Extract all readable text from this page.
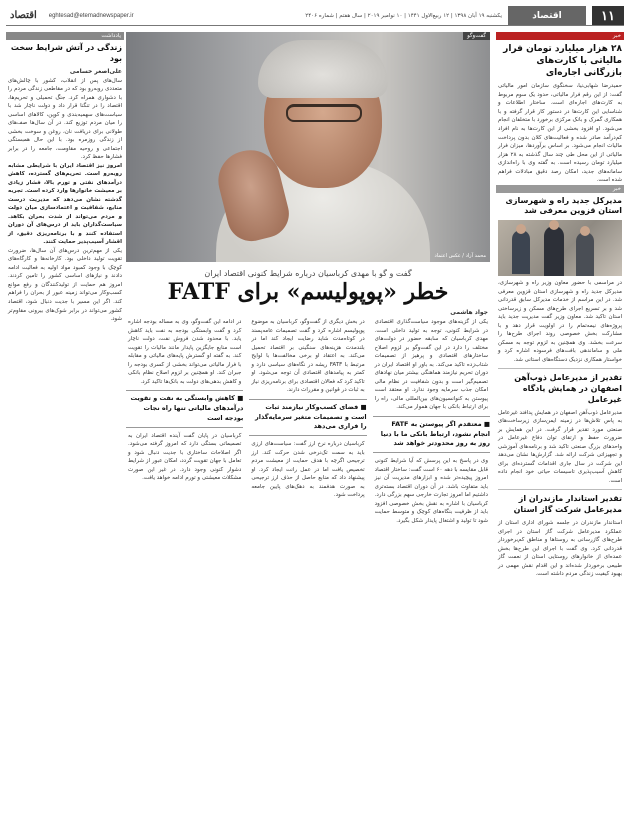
۱۱
اقتصاد
یکشنبه ۱۹ آبان ۱۳۹۸ | ۱۲ ربیع‌الاول ۱۴۴۱ | ۱۰ نوامبر ۲۰۱۹ | سال هفتم | شماره ۲۴۰۶
eghtesad@etemadnewspaper.ir
اقتصاد
خبر
۲۸ هزار میلیارد تومان فرار مالیاتی با کارت‌های بازرگانی اجاره‌ای
حمیدرضا شهابی‌نیا، سخنگوی سازمان امور مالیاتی گفت: از این رقم فرار مالیاتی، حدود یک سوم مربوط به کارت‌های اجاره‌ای است. ساختار اطلاعات و شناسایی این کارت‌ها در دستور کار قرار گرفته و با همکاری گمرک و بانک مرکزی برخورد با متخلفان انجام می‌شود. او افزود بخشی از این کارت‌ها به نام افراد کم‌درآمد صادر شده و فعالیت‌های کلان بدون پرداخت مالیات انجام می‌شود. بر اساس برآوردها، میزان فرار مالیاتی از این محل طی چند سال گذشته به ۲۸ هزار میلیارد تومان رسیده است. به گفته وی با راه‌اندازی سامانه‌های جدید، امکان رصد دقیق مبادلات فراهم شده است.
خبر
مدیرکل جدید راه و شهرسازی استان قزوین معرفی شد
در مراسمی با حضور معاون وزیر راه و شهرسازی، مدیرکل جدید راه و شهرسازی استان قزوین معرفی شد. در این مراسم از خدمات مدیرکل سابق قدردانی شد و بر تسریع اجرای طرح‌های مسکن و زیرساختی استان تاکید شد. معاون وزیر گفت مدیریت جدید باید پروژه‌های نیمه‌تمام را در اولویت قرار دهد و با مشارکت بخش خصوصی روند اجرای طرح‌ها را سرعت بخشد. وی همچنین به لزوم توجه به مسکن ملی و ساماندهی بافت‌های فرسوده اشاره کرد و خواستار همکاری نزدیک دستگاه‌های استانی شد.
تقدیر از مدیرعامل ذوب‌آهن اصفهان در همایش یادگاه غیرعامل
مدیرعامل ذوب‌آهن اصفهان در همایش پدافند غیرعامل به پاس تلاش‌ها در زمینه ایمن‌سازی زیرساخت‌های صنعتی مورد تقدیر قرار گرفت. در این همایش بر ضرورت حفظ و ارتقای توان دفاع غیرعامل در واحدهای بزرگ صنعتی تاکید شد و برنامه‌های آموزشی و تجهیزاتی شرکت ارائه شد. گزارش‌ها نشان می‌دهد این شرکت در سال جاری اقدامات گسترده‌ای برای کاهش آسیب‌پذیری تاسیسات حیاتی خود انجام داده است.
تقدیر استاندار مازندران از مدیرعامل شرکت گاز استان
استاندار مازندران در جلسه شورای اداری استان از عملکرد مدیرعامل شرکت گاز استان در اجرای طرح‌های گازرسانی به روستاها و مناطق کم‌برخوردار قدردانی کرد. وی گفت با اجرای این طرح‌ها بخش عمده‌ای از خانوارهای روستایی استان از نعمت گاز طبیعی برخوردار شده‌اند و این اقدام نقش مهمی در بهبود کیفیت زندگی مردم داشته است.
گفت‌وگو
محمد آزاد / عکس اعتماد
گفت و گو با مهدی کرباسیان درباره شرایط کنونی اقتصاد ایران
خطر «پوپولیسم» برای FATF
جواد هاشمی
یکی از گزینه‌های موجود سیاست‌گذاری اقتصادی در شرایط کنونی، توجه به تولید داخلی است. مهدی کرباسیان که سابقه حضور در دولت‌های مختلف را دارد در این گفت‌وگو بر لزوم اصلاح ساختارهای اقتصادی و پرهیز از تصمیمات شتاب‌زده تاکید می‌کند. به باور او اقتصاد ایران در دوران تحریم نیازمند هماهنگی بیشتر میان نهادهای تصمیم‌گیر است و بدون شفافیت در نظام مالی امکان جذب سرمایه وجود ندارد. او معتقد است پیوستن به کنوانسیون‌های بین‌المللی مالی، راه را برای ارتباط بانکی با جهان هموار می‌کند.
■ معتقدم اگر پیوستن به FATF انجام نشود، ارتباط بانکی ما با دنیا روز به روز محدودتر خواهد شد
وی در پاسخ به این پرسش که آیا شرایط کنونی قابل مقایسه با دهه ۶۰ است گفت: ساختار اقتصاد امروز پیچیده‌تر شده و ابزارهای مدیریت آن نیز باید متفاوت باشد. در آن دوران اقتصاد بسته‌تری داشتیم اما امروز تجارت خارجی سهم بزرگی دارد. کرباسیان با اشاره به نقش بخش خصوصی افزود باید از ظرفیت بنگاه‌های کوچک و متوسط حمایت شود تا تولید و اشتغال پایدار شکل بگیرد.
در بخش دیگری از گفت‌وگو، کرباسیان به موضوع پوپولیسم اشاره کرد و گفت تصمیمات عامه‌پسند در کوتاه‌مدت شاید رضایت ایجاد کند اما در بلندمدت هزینه‌های سنگینی بر اقتصاد تحمیل می‌کند. به اعتقاد او برخی مخالفت‌ها با لوایح مرتبط با FATF ریشه در نگاه‌های سیاسی دارد و کمتر به پیامدهای اقتصادی آن توجه می‌شود. او تاکید کرد که فعالان اقتصادی برای برنامه‌ریزی نیاز به ثبات در قوانین و مقررات دارند.
■ فضای کسب‌وکار نیازمند ثبات است و تصمیمات متغیر سرمایه‌گذار را فراری می‌دهد
کرباسیان درباره نرخ ارز گفت: سیاست‌های ارزی باید به سمت تک‌نرخی شدن حرکت کند. ارز ترجیحی اگرچه با هدف حمایت از معیشت مردم تخصیص یافت اما در عمل رانت ایجاد کرد. او پیشنهاد داد که منابع حاصل از حذف ارز ترجیحی به صورت هدفمند به دهک‌های پایین جامعه پرداخت شود.
در ادامه این گفت‌وگو، وی به مساله بودجه اشاره کرد و گفت وابستگی بودجه به نفت باید کاهش یابد. با محدود شدن فروش نفت، دولت ناچار است منابع جایگزین پایدار مانند مالیات را تقویت کند. به گفته او گسترش پایه‌های مالیاتی و مقابله با فرار مالیاتی می‌تواند بخشی از کسری بودجه را جبران کند. او همچنین بر لزوم اصلاح نظام بانکی و کاهش بدهی‌های دولت به بانک‌ها تاکید کرد.
■ کاهش وابستگی به نفت و تقویت درآمدهای مالیاتی تنها راه نجات بودجه است
کرباسیان در پایان گفت آینده اقتصاد ایران به تصمیماتی بستگی دارد که امروز گرفته می‌شود. اگر اصلاحات ساختاری با جدیت دنبال شود و تعامل با جهان تقویت گردد، امکان عبور از شرایط دشوار کنونی وجود دارد. در غیر این صورت مشکلات معیشتی و تورم ادامه خواهد یافت.
یادداشت
زندگی در آتش شرایط سخت بود
علی‌اصغر خسامی
سال‌های پس از انقلاب، کشور با چالش‌های متعددی روبه‌رو بود که در مقاطعی زندگی مردم را با دشواری همراه کرد. جنگ تحمیلی و تحریم‌ها، اقتصاد را در تنگنا قرار داد و دولت ناچار شد با سیاست‌های سهمیه‌بندی و کوپن، کالاهای اساسی را میان مردم توزیع کند. در آن سال‌ها صف‌های طولانی برای دریافت نان، روغن و سوخت بخشی از زندگی روزمره بود. با این حال همبستگی اجتماعی و روحیه مقاومت، جامعه را در برابر فشارها حفظ کرد.
امروز نیز اقتصاد ایران با شرایطی مشابه روبه‌رو است. تحریم‌های گسترده، کاهش درآمدهای نفتی و تورم بالا، فشار زیادی بر معیشت خانوارها وارد کرده است. تجربه گذشته نشان می‌دهد که مدیریت درست منابع، شفافیت و اعتمادسازی میان دولت و مردم می‌تواند از شدت بحران بکاهد. سیاست‌گذاران باید از درس‌های آن دوران استفاده کنند و با برنامه‌ریزی دقیق، از اقشار آسیب‌پذیر حمایت کنند.
یکی از مهم‌ترین درس‌های آن سال‌ها، ضرورت تقویت تولید داخلی بود. کارخانه‌ها و کارگاه‌های کوچک با وجود کمبود مواد اولیه به فعالیت ادامه دادند و نیازهای اساسی کشور را تامین کردند. امروز هم حمایت از تولیدکنندگان و رفع موانع کسب‌وکار می‌تواند زمینه عبور از بحران را فراهم کند. اگر این مسیر با جدیت دنبال شود، اقتصاد کشور می‌تواند در برابر شوک‌های بیرونی مقاوم‌تر شود.
